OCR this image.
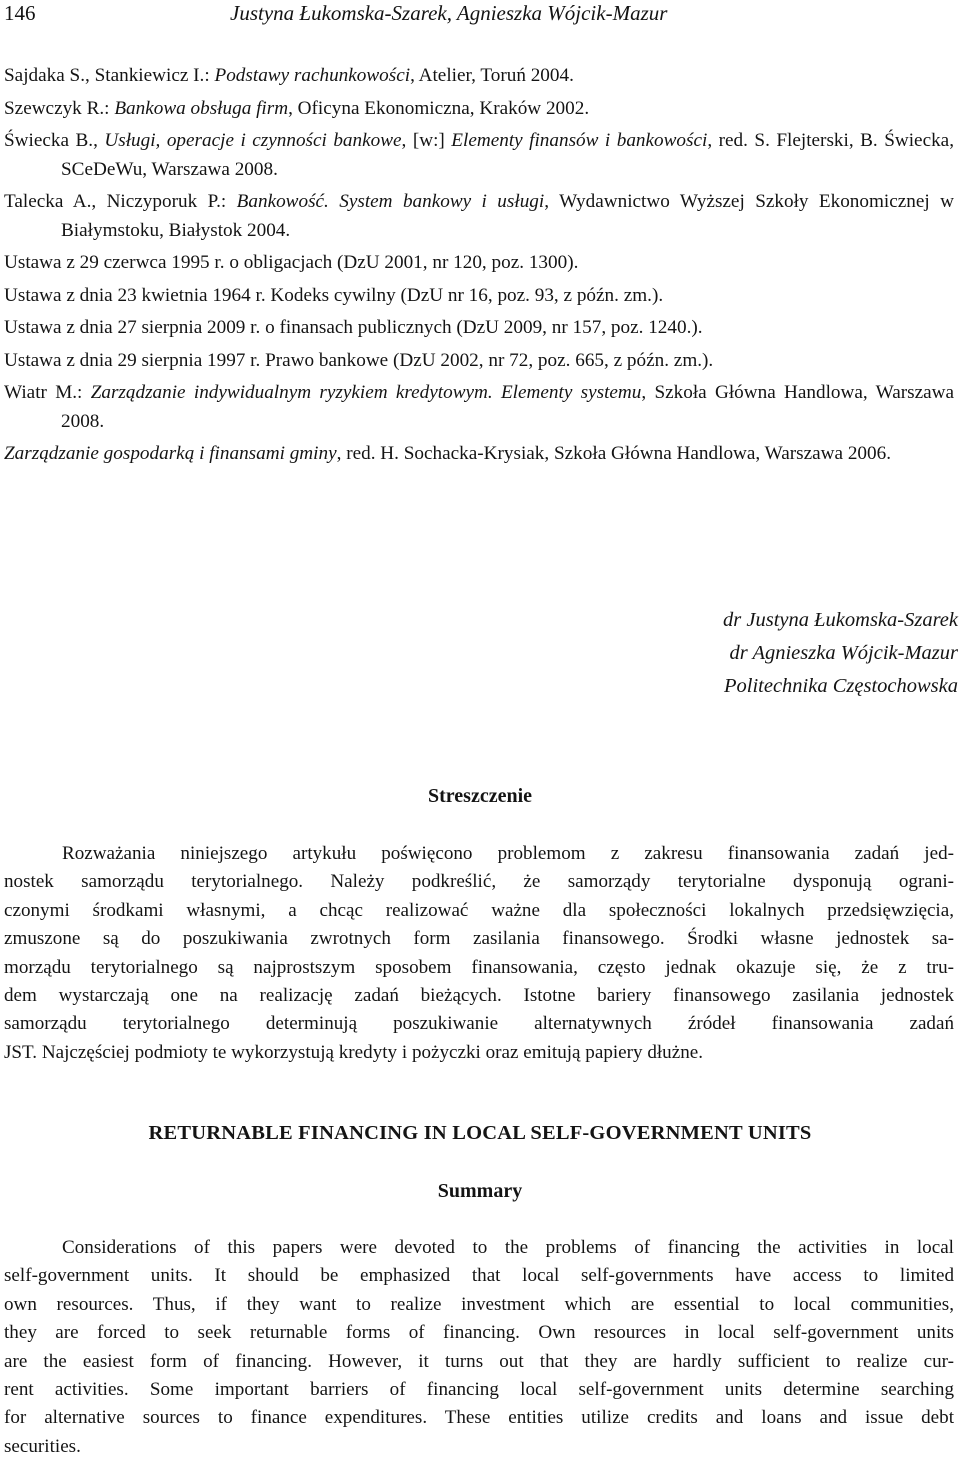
146	Justyna Łukomska-Szarek, Agnieszka Wójcik-Mazur

Sajdaka S., Stankiewicz I.: Podstawy rachunkowości, Atelier, Toruń 2004.

Szewczyk R.: Bankowa obsługa firm, Oficyna Ekonomiczna, Kraków 2002.

Świecka B., Usługi, operacje i czynności bankowe, [w:] Elementy finansów i bankowości, red. S. Flejterski, B. Świecka, SCeDeWu, Warszawa 2008.

Talecka A., Niczyporuk P.: Bankowość. System bankowy i usługi, Wydawnictwo Wyższej Szkoły Ekonomicznej w Białymstoku, Białystok 2004.

Ustawa z 29 czerwca 1995 r. o obligacjach (DzU 2001, nr 120, poz. 1300).

Ustawa z dnia 23 kwietnia 1964 r. Kodeks cywilny (DzU nr 16, poz. 93, z późn. zm.).

Ustawa z dnia 27 sierpnia 2009 r. o finansach publicznych (DzU 2009, nr 157, poz. 1240.).

Ustawa z dnia 29 sierpnia 1997 r. Prawo bankowe (DzU 2002, nr 72, poz. 665, z późn. zm.).

Wiatr M.: Zarządzanie indywidualnym ryzykiem kredytowym. Elementy systemu, Szkoła Główna Handlowa, Warszawa 2008.

Zarządzanie gospodarką i finansami gminy, red. H. Sochacka-Krysiak, Szkoła Główna Handlowa, Warszawa 2006.

dr Justyna Łukomska-Szarek
dr Agnieszka Wójcik-Mazur
Politechnika Częstochowska
Streszczenie
Rozważania niniejszego artykułu poświęcono problemom z zakresu finansowania zadań jed-
nostek samorządu terytorialnego. Należy podkreślić, że samorządy terytorialne dysponują ograni-
czonymi środkami własnymi, a chcąc realizować ważne dla społeczności lokalnych przedsięwzięcia,
zmuszone są do poszukiwania zwrotnych form zasilania finansowego. Środki własne jednostek sa-
morządu terytorialnego są najprostszym sposobem finansowania, często jednak okazuje się, że z tru-
dem wystarczają one na realizację zadań bieżących. Istotne bariery finansowego zasilania jednostek
samorządu terytorialnego determinują poszukiwanie alternatywnych źródeł finansowania zadań
JST. Najczęściej podmioty te wykorzystują kredyty i pożyczki oraz emitują papiery dłużne.
RETURNABLE FINANCING IN LOCAL SELF-GOVERNMENT UNITS
Summary
Considerations of this papers were devoted to the problems of financing the activities in local
self-government units. It should be emphasized that local self-governments have access to limited
own resources. Thus, if they want to realize investment which are essential to local communities,
they are forced to seek returnable forms of financing. Own resources in local self-government units
are the easiest form of financing. However, it turns out that they are hardly sufficient to realize cur-
rent activities. Some important barriers of financing local self-government units determine searching
for alternative sources to finance expenditures. These entities utilize credits and loans and issue debt
securities.
